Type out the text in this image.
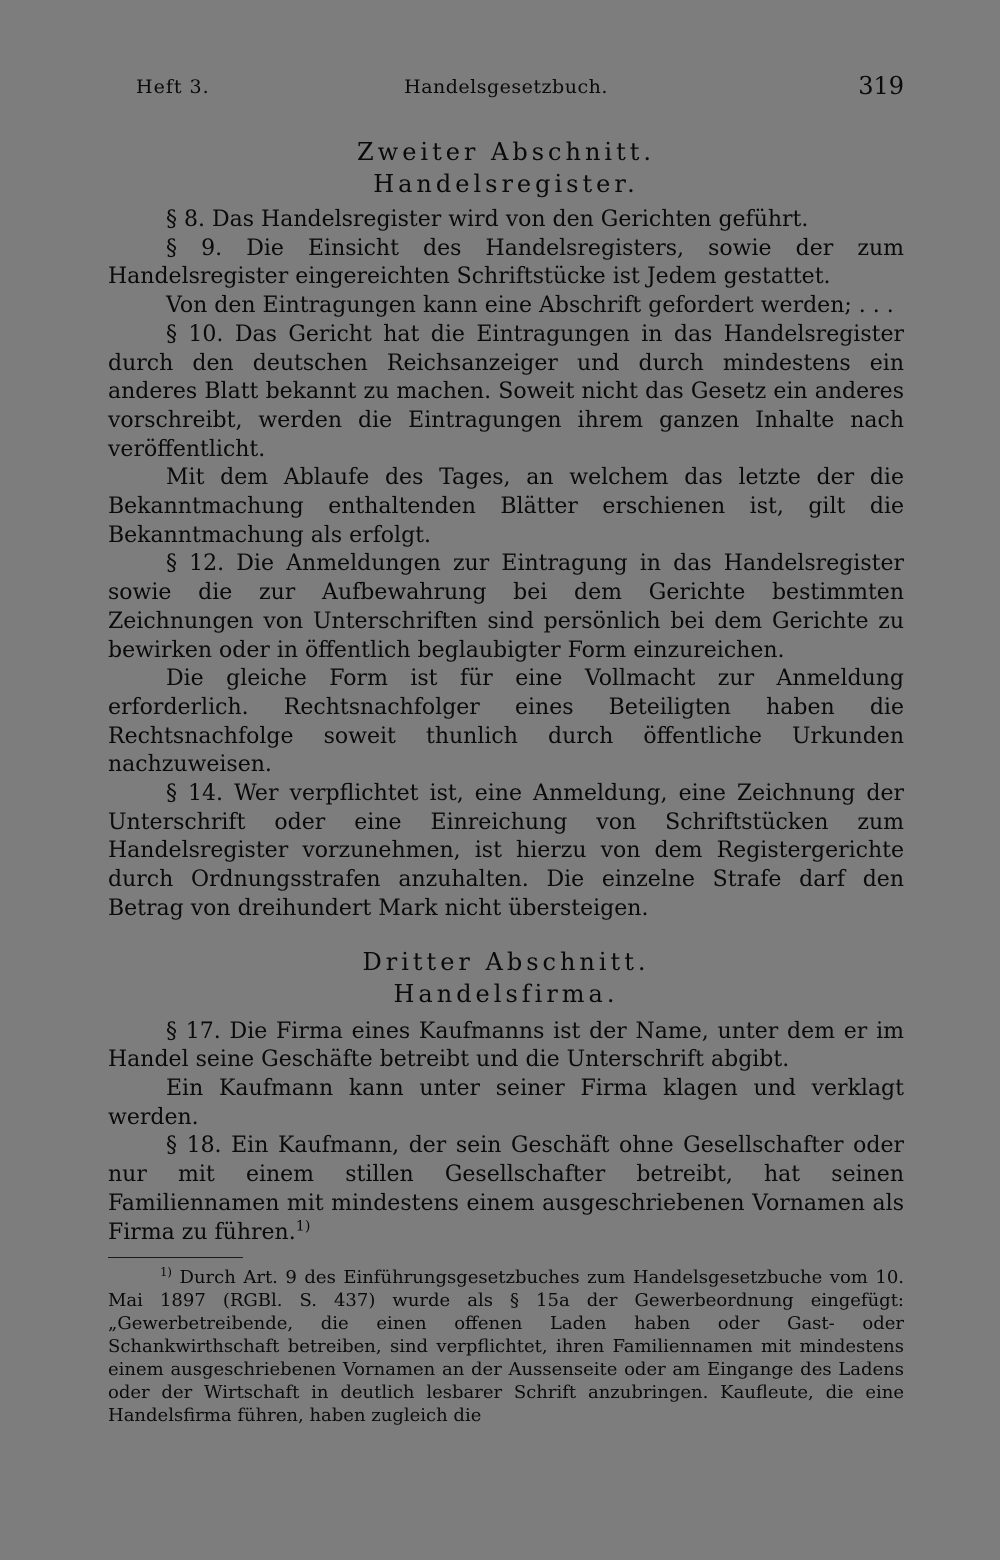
Heft 3.	Handelsgesetzbuch.	319

Zweiter Abschnitt.

Handelsregister.

§ 8. Das Handelsregister wird von den Gerichten geführt.

§ 9. Die Einsicht des Handelsregisters, sowie der zum Handelsregister eingereichten Schriftstücke ist Jedem gestattet.

Von den Eintragungen kann eine Abschrift gefordert werden; . . .

§ 10. Das Gericht hat die Eintragungen in das Handelsregister durch den deutschen Reichsanzeiger und durch mindestens ein anderes Blatt bekannt zu machen. Soweit nicht das Gesetz ein anderes vorschreibt, werden die Eintragungen ihrem ganzen Inhalte nach veröffentlicht.

Mit dem Ablaufe des Tages, an welchem das letzte der die Bekanntmachung enthaltenden Blätter erschienen ist, gilt die Bekanntmachung als erfolgt.

§ 12. Die Anmeldungen zur Eintragung in das Handelsregister sowie die zur Aufbewahrung bei dem Gerichte bestimmten Zeichnungen von Unterschriften sind persönlich bei dem Gerichte zu bewirken oder in öffentlich beglaubigter Form einzureichen.

Die gleiche Form ist für eine Vollmacht zur Anmeldung erforderlich. Rechtsnachfolger eines Beteiligten haben die Rechtsnachfolge soweit thunlich durch öffentliche Urkunden nachzuweisen.

§ 14. Wer verpflichtet ist, eine Anmeldung, eine Zeichnung der Unterschrift oder eine Einreichung von Schriftstücken zum Handelsregister vorzunehmen, ist hierzu von dem Registergerichte durch Ordnungsstrafen anzuhalten. Die einzelne Strafe darf den Betrag von dreihundert Mark nicht übersteigen.

Dritter Abschnitt.

Handelsfirma.

§ 17. Die Firma eines Kaufmanns ist der Name, unter dem er im Handel seine Geschäfte betreibt und die Unterschrift abgibt.

Ein Kaufmann kann unter seiner Firma klagen und verklagt werden.

§ 18. Ein Kaufmann, der sein Geschäft ohne Gesellschafter oder nur mit einem stillen Gesellschafter betreibt, hat seinen Familiennamen mit mindestens einem ausgeschriebenen Vornamen als Firma zu führen.$^{1)}$

$^{1)}$ Durch Art. 9 des Einführungsgesetzbuches zum Handelsgesetzbuche vom 10. Mai 1897 (RGBl. S. 437) wurde als § 15a der Gewerbeordnung eingefügt: „Gewerbetreibende, die einen offenen Laden haben oder Gast- oder Schankwirthschaft betreiben, sind verpflichtet, ihren Familiennamen mit mindestens einem ausgeschriebenen Vornamen an der Aussenseite oder am Eingange des Ladens oder der Wirtschaft in deutlich lesbarer Schrift anzubringen. Kaufleute, die eine Handelsfirma führen, haben zugleich die
